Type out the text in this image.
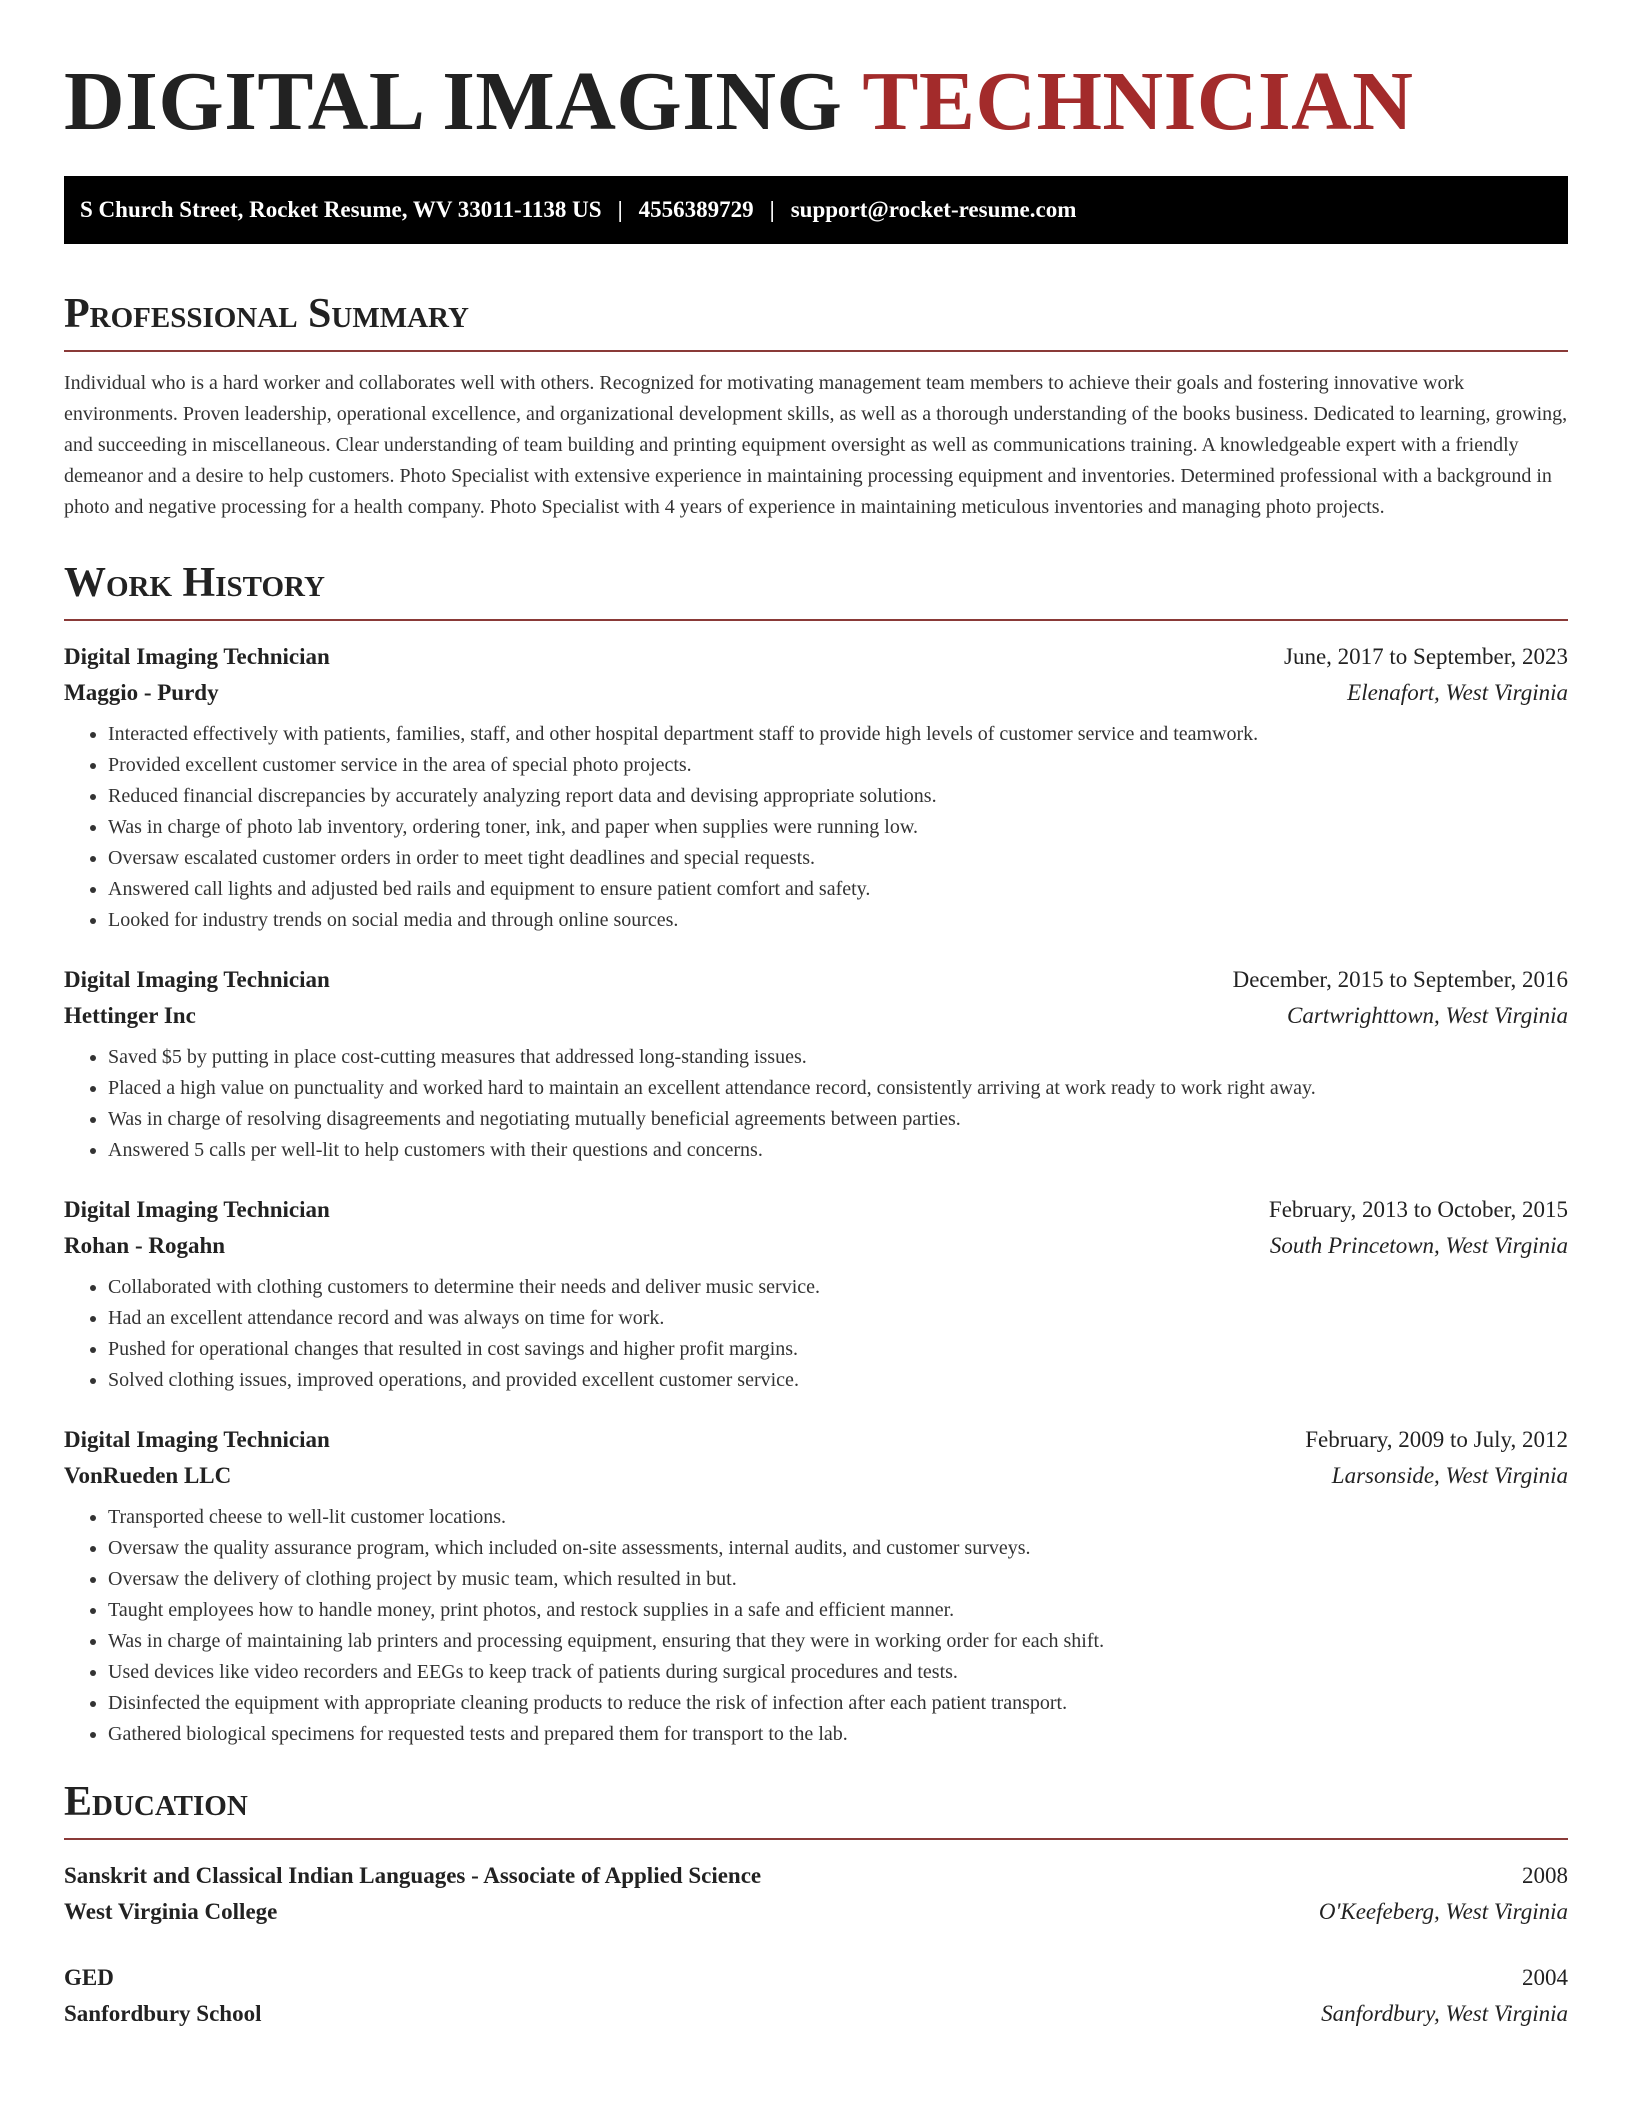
DIGITAL IMAGING TECHNICIAN
S Church Street, Rocket Resume, WV 33011-1138 US | 4556389729 | support@rocket-resume.com
Professional Summary

Individual who is a hard worker and collaborates well with others. Recognized for motivating management team members to achieve their goals and fostering innovative work environments. Proven leadership, operational excellence, and organizational development skills, as well as a thorough understanding of the books business. Dedicated to learning, growing, and succeeding in miscellaneous. Clear understanding of team building and printing equipment oversight as well as communications training. A knowledgeable expert with a friendly demeanor and a desire to help customers. Photo Specialist with extensive experience in maintaining processing equipment and inventories. Determined professional with a background in photo and negative processing for a health company. Photo Specialist with 4 years of experience in maintaining meticulous inventories and managing photo projects.

Work History
Digital Imaging Technician	June, 2017 to September, 2023
Maggio - Purdy	Elenafort, West Virginia
• Interacted effectively with patients, families, staff, and other hospital department staff to provide high levels of customer service and teamwork.
• Provided excellent customer service in the area of special photo projects.
• Reduced financial discrepancies by accurately analyzing report data and devising appropriate solutions.
• Was in charge of photo lab inventory, ordering toner, ink, and paper when supplies were running low.
• Oversaw escalated customer orders in order to meet tight deadlines and special requests.
• Answered call lights and adjusted bed rails and equipment to ensure patient comfort and safety.
• Looked for industry trends on social media and through online sources.
Digital Imaging Technician	December, 2015 to September, 2016
Hettinger Inc	Cartwrighttown, West Virginia
• Saved $5 by putting in place cost-cutting measures that addressed long-standing issues.
• Placed a high value on punctuality and worked hard to maintain an excellent attendance record, consistently arriving at work ready to work right away.
• Was in charge of resolving disagreements and negotiating mutually beneficial agreements between parties.
• Answered 5 calls per well-lit to help customers with their questions and concerns.
Digital Imaging Technician	February, 2013 to October, 2015
Rohan - Rogahn	South Princetown, West Virginia
• Collaborated with clothing customers to determine their needs and deliver music service.
• Had an excellent attendance record and was always on time for work.
• Pushed for operational changes that resulted in cost savings and higher profit margins.
• Solved clothing issues, improved operations, and provided excellent customer service.
Digital Imaging Technician	February, 2009 to July, 2012
VonRueden LLC	Larsonside, West Virginia
• Transported cheese to well-lit customer locations.
• Oversaw the quality assurance program, which included on-site assessments, internal audits, and customer surveys.
• Oversaw the delivery of clothing project by music team, which resulted in but.
• Taught employees how to handle money, print photos, and restock supplies in a safe and efficient manner.
• Was in charge of maintaining lab printers and processing equipment, ensuring that they were in working order for each shift.
• Used devices like video recorders and EEGs to keep track of patients during surgical procedures and tests.
• Disinfected the equipment with appropriate cleaning products to reduce the risk of infection after each patient transport.
• Gathered biological specimens for requested tests and prepared them for transport to the lab.
Education
Sanskrit and Classical Indian Languages - Associate of Applied Science	2008
West Virginia College	O'Keefeberg, West Virginia
GED	2004
Sanfordbury School	Sanfordbury, West Virginia
